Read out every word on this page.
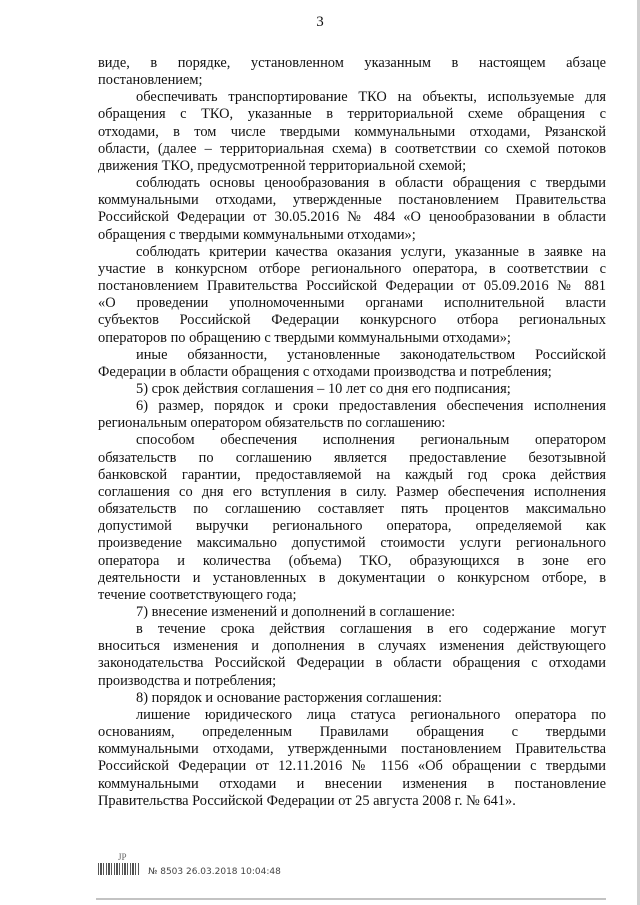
3

виде, в порядке, установленном указанным в настоящем абзаце

постановлением;

обеспечивать транспортирование ТКО на объекты, используемые для

обращения с ТКО, указанные в территориальной схеме обращения с

отходами, в том числе твердыми коммунальными отходами, Рязанской

области, (далее – территориальная схема) в соответствии со схемой потоков

движения ТКО, предусмотренной территориальной схемой;

соблюдать основы ценообразования в области обращения с твердыми

коммунальными отходами, утвержденные постановлением Правительства

Российской Федерации от 30.05.2016 № 484 «О ценообразовании в области

обращения с твердыми коммунальными отходами»;

соблюдать критерии качества оказания услуги, указанные в заявке на

участие в конкурсном отборе регионального оператора, в соответствии с

постановлением Правительства Российской Федерации от 05.09.2016 № 881

«О проведении уполномоченными органами исполнительной власти

субъектов Российской Федерации конкурсного отбора региональных

операторов по обращению с твердыми коммунальными отходами»;

иные обязанности, установленные законодательством Российской

Федерации в области обращения с отходами производства и потребления;

5) срок действия соглашения – 10 лет со дня его подписания;

6) размер, порядок и сроки предоставления обеспечения исполнения

региональным оператором обязательств по соглашению:

способом обеспечения исполнения региональным оператором

обязательств по соглашению является предоставление безотзывной

банковской гарантии, предоставляемой на каждый год срока действия

соглашения со дня его вступления в силу. Размер обеспечения исполнения

обязательств по соглашению составляет пять процентов максимально

допустимой выручки регионального оператора, определяемой как

произведение максимально допустимой стоимости услуги регионального

оператора и количества (объема) ТКО, образующихся в зоне его

деятельности и установленных в документации о конкурсном отборе, в

течение соответствующего года;

7) внесение изменений и дополнений в соглашение:

в течение срока действия соглашения в его содержание могут

вноситься изменения и дополнения в случаях изменения действующего

законодательства Российской Федерации в области обращения с отходами

производства и потребления;

8) порядок и основание расторжения соглашения:

лишение юридического лица статуса регионального оператора по

основаниям, определенным Правилами обращения с твердыми

коммунальными отходами, утвержденными постановлением Правительства

Российской Федерации от 12.11.2016 № 1156 «Об обращении с твердыми

коммунальными отходами и внесении изменения в постановление

Правительства Российской Федерации от 25 августа 2008 г. № 641».

JP
№ 8503 26.03.2018 10:04:48
